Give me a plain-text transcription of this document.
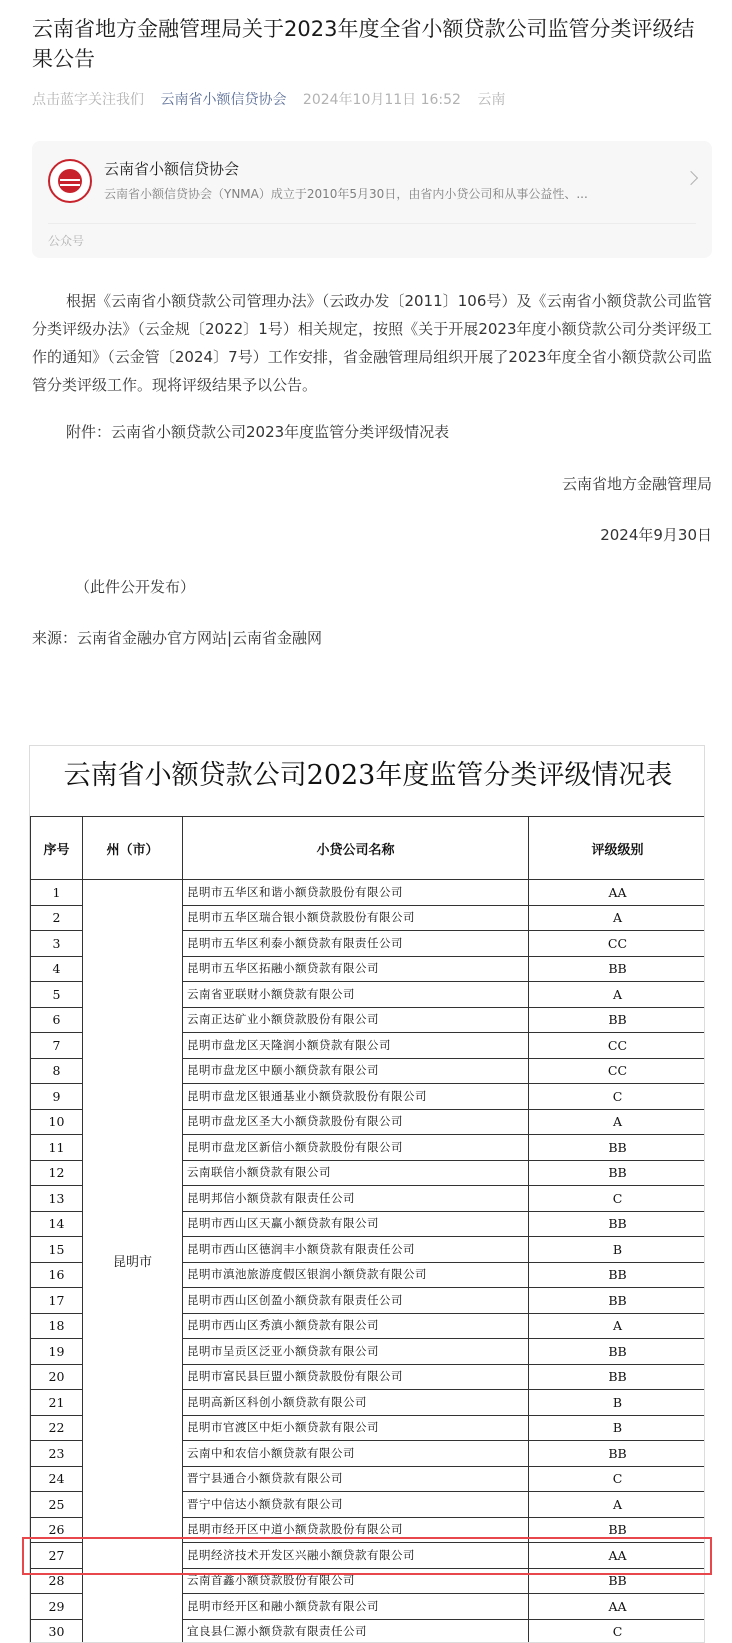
云南省地方金融管理局关于2023年度全省小额贷款公司监管分类评级结果公告
点击蓝字关注我们 云南省小额信贷协会 2024年10月11日 16:52 云南
云南省小额信贷协会
云南省小额信贷协会（YNMA）成立于2010年5月30日，由省内小贷公司和从事公益性、...
公众号

根据《云南省小额贷款公司管理办法》（云政办发〔2011〕106号）及《云南省小额贷款公司监管分类评级办法》（云金规〔2022〕1号）相关规定，按照《关于开展2023年度小额贷款公司分类评级工作的通知》（云金管〔2024〕7号）工作安排，省金融管理局组织开展了2023年度全省小额贷款公司监管分类评级工作。现将评级结果予以公告。

附件：云南省小额贷款公司2023年度监管分类评级情况表

云南省地方金融管理局

2024年9月30日

（此件公开发布）

来源：云南省金融办官方网站|云南省金融网

云南省小额贷款公司2023年度监管分类评级情况表
序号	州（市）	小贷公司名称	评级级别
1	昆明市	昆明市五华区和谐小额贷款股份有限公司	AA
2		昆明市五华区瑞合银小额贷款股份有限公司	A
3		昆明市五华区利泰小额贷款有限责任公司	CC
4		昆明市五华区拓融小额贷款有限公司	BB
5		云南省亚联财小额贷款有限公司	A
6		云南正达矿业小额贷款股份有限公司	BB
7		昆明市盘龙区天隆润小额贷款有限公司	CC
8		昆明市盘龙区中颐小额贷款有限公司	CC
9		昆明市盘龙区银通基业小额贷款股份有限公司	C
10		昆明市盘龙区圣大小额贷款股份有限公司	A
11		昆明市盘龙区新信小额贷款股份有限公司	BB
12		云南联信小额贷款有限公司	BB
13		昆明邦信小额贷款有限责任公司	C
14		昆明市西山区天赢小额贷款有限公司	BB
15		昆明市西山区德润丰小额贷款有限责任公司	B
16		昆明市滇池旅游度假区银润小额贷款有限公司	BB
17		昆明市西山区创盈小额贷款有限责任公司	BB
18		昆明市西山区秀滇小额贷款有限公司	A
19		昆明市呈贡区泛亚小额贷款有限公司	BB
20		昆明市富民县巨盟小额贷款股份有限公司	BB
21		昆明高新区科创小额贷款有限公司	B
22		昆明市官渡区中炬小额贷款有限公司	B
23		云南中和农信小额贷款有限公司	BB
24		晋宁县通合小额贷款有限公司	C
25		晋宁中信达小额贷款有限公司	A
26		昆明市经开区中道小额贷款股份有限公司	BB
27		昆明经济技术开发区兴融小额贷款有限公司	AA
28		云南首鑫小额贷款股份有限公司	BB
29		昆明市经开区和融小额贷款有限公司	AA
30		宜良县仁源小额贷款有限责任公司	C
